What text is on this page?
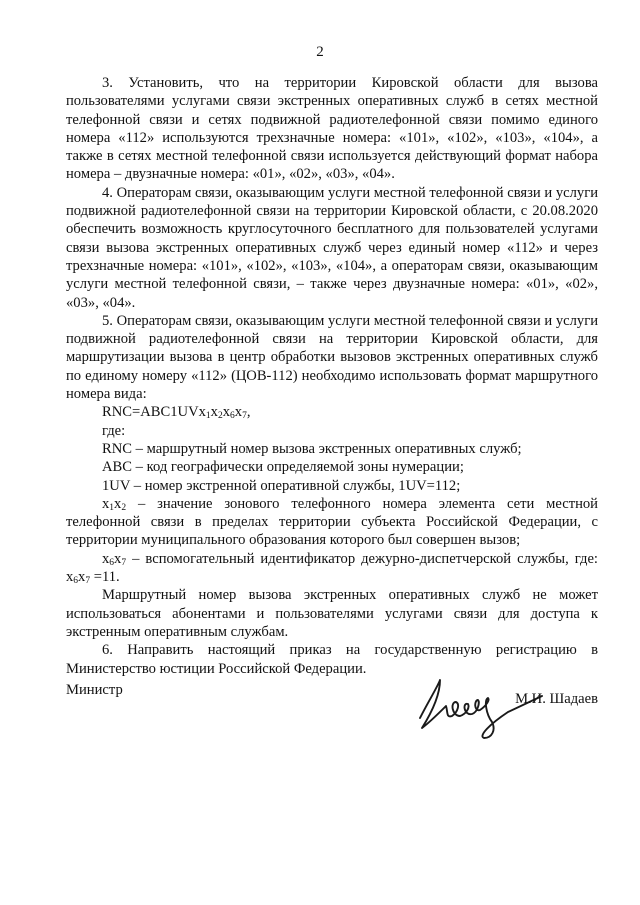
2

3. Установить, что на территории Кировской области для вызова пользователями услугами связи экстренных оперативных служб в сетях местной телефонной связи и сетях подвижной радиотелефонной связи помимо единого номера «112» используются трехзначные номера: «101», «102», «103», «104», а также в сетях местной телефонной связи используется действующий формат набора номера – двузначные номера: «01», «02», «03», «04».

4. Операторам связи, оказывающим услуги местной телефонной связи и услуги подвижной радиотелефонной связи на территории Кировской области, с 20.08.2020 обеспечить возможность круглосуточного бесплатного для пользователей услугами связи вызова экстренных оперативных служб через единый номер «112» и через трехзначные номера: «101», «102», «103», «104», а операторам связи, оказывающим услуги местной телефонной связи, – также через двузначные номера: «01», «02», «03», «04».

5. Операторам связи, оказывающим услуги местной телефонной связи и услуги подвижной радиотелефонной связи на территории Кировской области, для маршрутизации вызова в центр обработки вызовов экстренных оперативных служб по единому номеру «112» (ЦОВ-112) необходимо использовать формат маршрутного номера вида:

$RNC=ABC1UVx_1x_2x_6x_7$,

где:

RNC – маршрутный номер вызова экстренных оперативных служб;

ABC – код географически определяемой зоны нумерации;

1UV – номер экстренной оперативной службы, 1UV=112;

$x_1x_2$ – значение зонового телефонного номера элемента сети местной телефонной связи в пределах территории субъекта Российской Федерации, с территории муниципального образования которого был совершен вызов;

$x_6x_7$ – вспомогательный идентификатор дежурно-диспетчерской службы, где: $x_6x_7 =11$.

Маршрутный номер вызова экстренных оперативных служб не может использоваться абонентами и пользователями услугами связи для доступа к экстренным оперативным службам.

6. Направить настоящий приказ на государственную регистрацию в Министерство юстиции Российской Федерации.

Министр
М.И. Шадаев
